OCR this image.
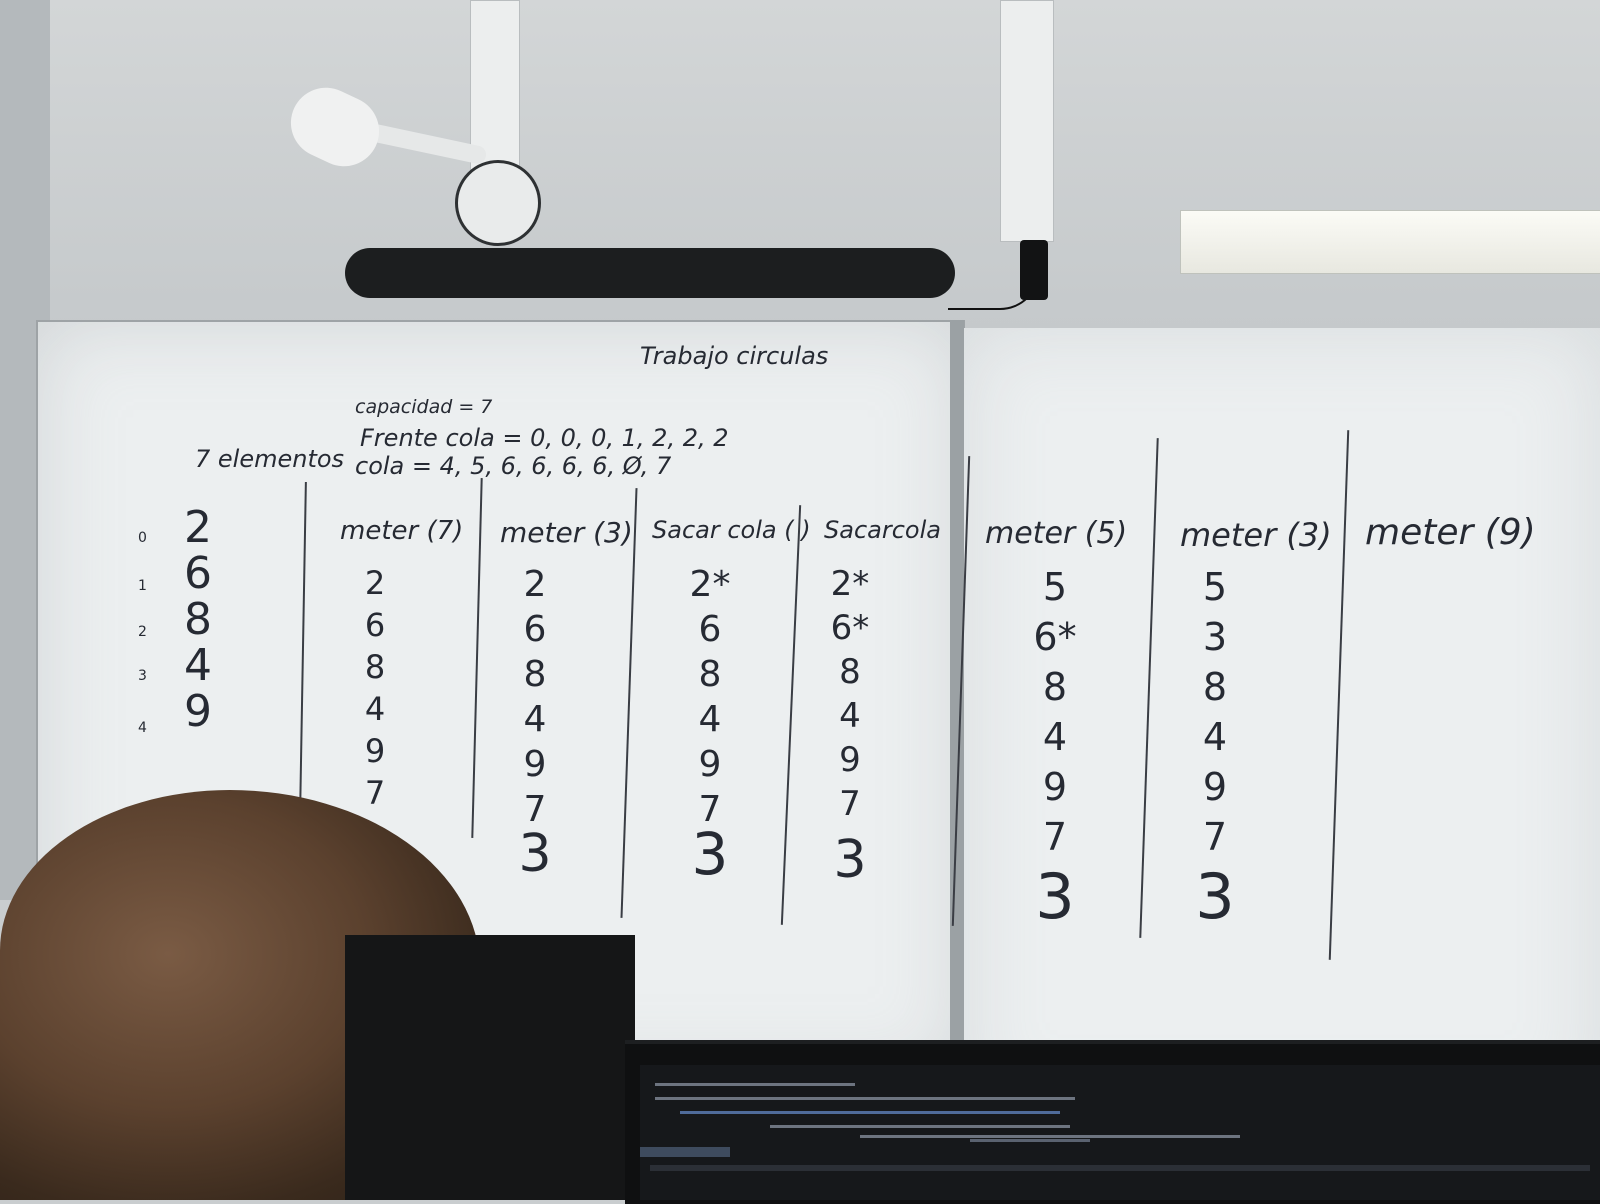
Trabajo circulas
capacidad = 7
Frente cola = 0, 0, 0, 1, 2, 2, 2
cola = 4, 5, 6, 6, 6, 6, Ø, 7
7 elementos
0
1
2
3
4
2
6
8
4
9
meter (7)
2
6
8
4
9
7
meter (3)
2
6
8
4
9
7
3
Sacar cola ( )
2*
6
8
4
9
7
3
Sacarcola
2*
6*
8
4
9
7
3
meter (5)
5
6*
8
4
9
7
3
meter (3)
5
3
8
4
9
7
3
meter (9)
